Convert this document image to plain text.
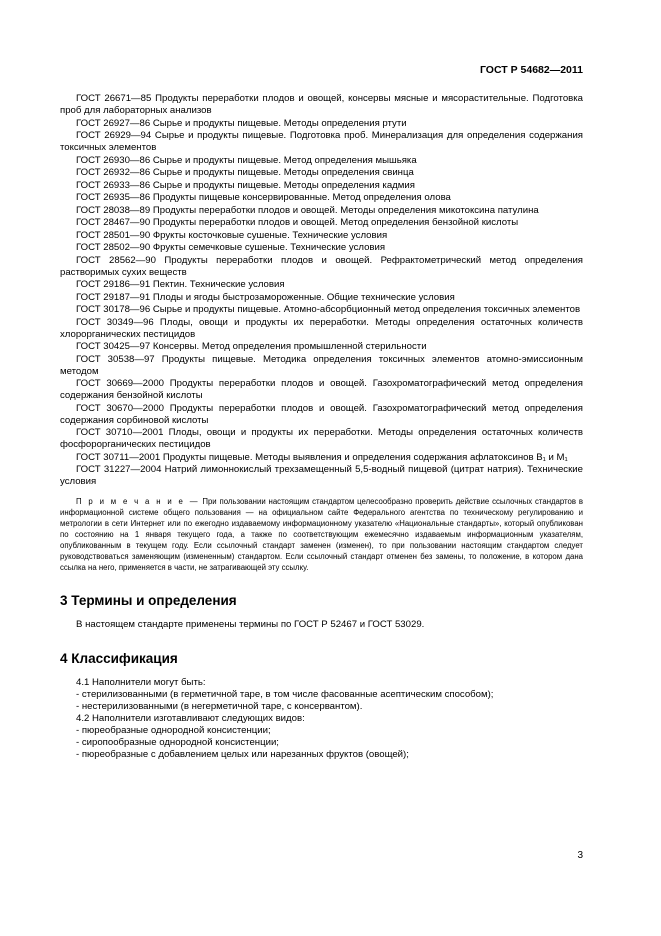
ГОСТ Р 54682—2011

ГОСТ 26671—85 Продукты переработки плодов и овощей, консервы мясные и мясорастительные. Подготовка проб для лабораторных анализов

ГОСТ 26927—86 Сырье и продукты пищевые. Методы определения ртути

ГОСТ 26929—94 Сырье и продукты пищевые. Подготовка проб. Минерализация для определения содержания токсичных элементов

ГОСТ 26930—86 Сырье и продукты пищевые. Метод определения мышьяка

ГОСТ 26932—86 Сырье и продукты пищевые. Методы определения свинца

ГОСТ 26933—86 Сырье и продукты пищевые. Методы определения кадмия

ГОСТ 26935—86 Продукты пищевые консервированные. Метод определения олова

ГОСТ 28038—89 Продукты переработки плодов и овощей. Методы определения микотоксина патулина

ГОСТ 28467—90 Продукты переработки плодов и овощей. Метод определения бензойной кислоты

ГОСТ 28501—90 Фрукты косточковые сушеные. Технические условия

ГОСТ 28502—90 Фрукты семечковые сушеные. Технические условия

ГОСТ 28562—90 Продукты переработки плодов и овощей. Рефрактометрический метод определения растворимых сухих веществ

ГОСТ 29186—91 Пектин. Технические условия

ГОСТ 29187—91 Плоды и ягоды быстрозамороженные. Общие технические условия

ГОСТ 30178—96 Сырье и продукты пищевые. Атомно-абсорбционный метод определения токсичных элементов

ГОСТ 30349—96 Плоды, овощи и продукты их переработки. Методы определения остаточных количеств хлорорганических пестицидов

ГОСТ 30425—97 Консервы. Метод определения промышленной стерильности

ГОСТ 30538—97 Продукты пищевые. Методика определения токсичных элементов атомно-эмиссионным методом

ГОСТ 30669—2000 Продукты переработки плодов и овощей. Газохроматографический метод определения содержания бензойной кислоты

ГОСТ 30670—2000 Продукты переработки плодов и овощей. Газохроматографический метод определения содержания сорбиновой кислоты

ГОСТ 30710—2001 Плоды, овощи и продукты их переработки. Методы определения остаточных количеств фосфорорганических пестицидов

ГОСТ 30711—2001 Продукты пищевые. Методы выявления и определения содержания афлатоксинов B₁ и M₁

ГОСТ 31227—2004 Натрий лимоннокислый трехзамещенный 5,5-водный пищевой (цитрат натрия). Технические условия

П р и м е ч а н и е — При пользовании настоящим стандартом целесообразно проверить действие ссылочных стандартов в информационной системе общего пользования — на официальном сайте Федерального агентства по техническому регулированию и метрологии в сети Интернет или по ежегодно издаваемому информационному указателю «Национальные стандарты», который опубликован по состоянию на 1 января текущего года, а также по соответствующим ежемесячно издаваемым информационным указателям, опубликованным в текущем году. Если ссылочный стандарт заменен (изменен), то при пользовании настоящим стандартом следует руководствоваться заменяющим (измененным) стандартом. Если ссылочный стандарт отменен без замены, то положение, в котором дана ссылка на него, применяется в части, не затрагивающей эту ссылку.
3 Термины и определения

В настоящем стандарте применены термины по ГОСТ Р 52467 и ГОСТ 53029.

4 Классификация

4.1 Наполнители могут быть:

- стерилизованными (в герметичной таре, в том числе фасованные асептическим способом);

- нестерилизованными (в негерметичной таре, с консервантом).

4.2 Наполнители изготавливают следующих видов:

- пюреобразные однородной консистенции;

- сиропообразные однородной консистенции;

- пюреобразные с добавлением целых или нарезанных фруктов (овощей);

3
